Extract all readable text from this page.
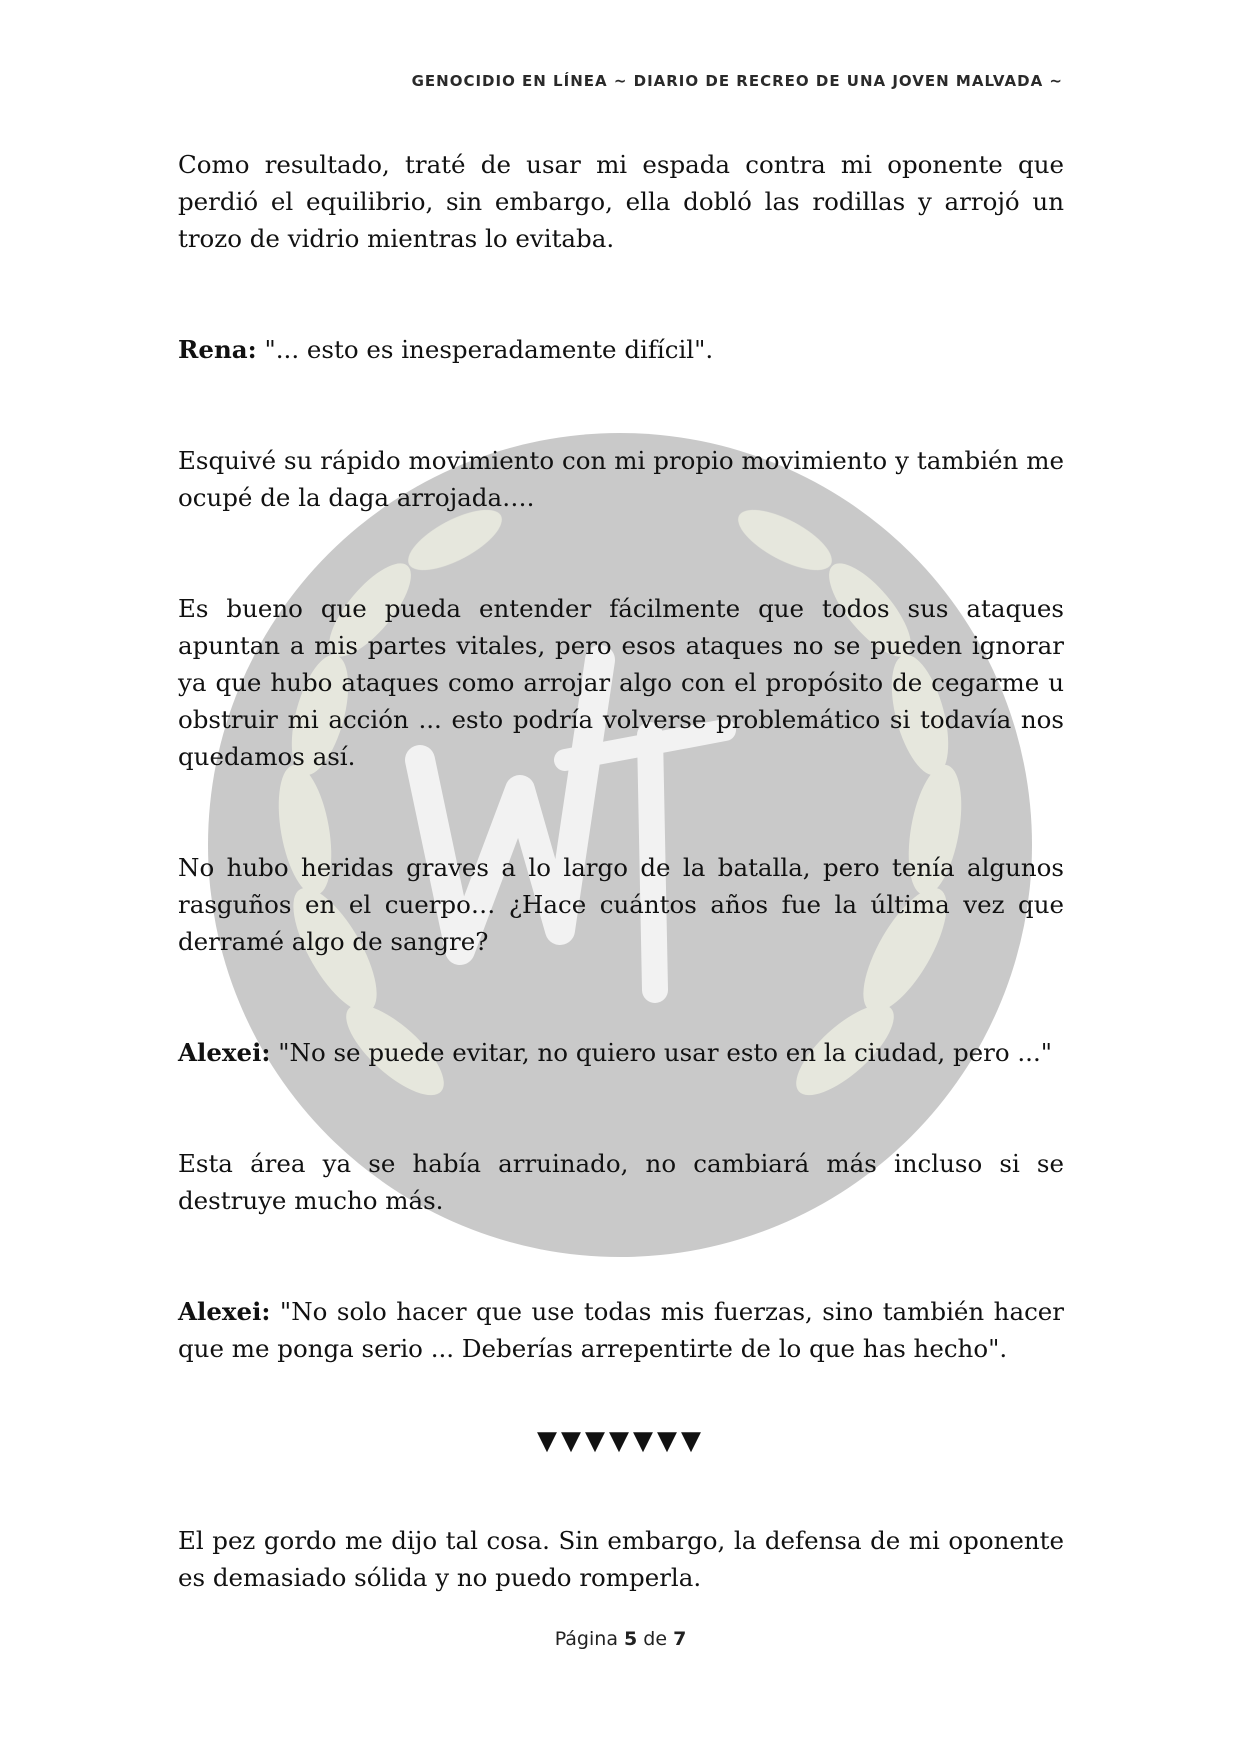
GENOCIDIO EN LÍNEA ~ DIARIO DE RECREO DE UNA JOVEN MALVADA ~

Como resultado, traté de usar mi espada contra mi oponente que perdió el equilibrio, sin embargo, ella dobló las rodillas y arrojó un trozo de vidrio mientras lo evitaba.

Rena: "... esto es inesperadamente difícil".

Esquivé su rápido movimiento con mi propio movimiento y también me ocupé de la daga arrojada….

Es bueno que pueda entender fácilmente que todos sus ataques apuntan a mis partes vitales, pero esos ataques no se pueden ignorar ya que hubo ataques como arrojar algo con el propósito de cegarme u obstruir mi acción ... esto podría volverse problemático si todavía nos quedamos así.

No hubo heridas graves a lo largo de la batalla, pero tenía algunos rasguños en el cuerpo… ¿Hace cuántos años fue la última vez que derramé algo de sangre?

Alexei: "No se puede evitar, no quiero usar esto en la ciudad, pero ..."

Esta área ya se había arruinado, no cambiará más incluso si se destruye mucho más.

Alexei: "No solo hacer que use todas mis fuerzas, sino también hacer que me ponga serio ... Deberías arrepentirte de lo que has hecho".

▼▼▼▼▼▼▼

El pez gordo me dijo tal cosa. Sin embargo, la defensa de mi oponente es demasiado sólida y no puedo romperla.

Página 5 de 7
